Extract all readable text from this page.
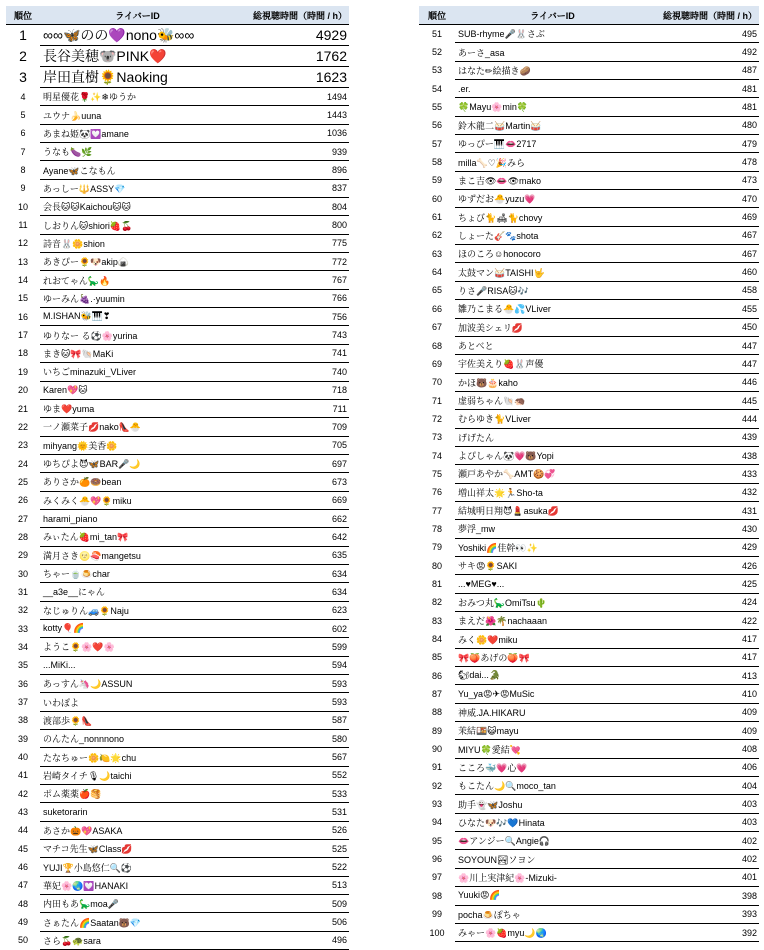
順位	ライバーID	総視聴時間（時間 / h）
1	∞∞🦋のの💜nono🐝∞∞	4929
2	長谷美穂🐨PINK❤️	1762
3	岸田直樹🌻Naoking	1623
4	明星優花🌹✨❄ゆうか	1494
5	ユウナ🍌uuna	1443
6	あまね姫🐼💟amane	1036
7	うなも🍆🌿	939
8	Ayane🦋こなもん	896
9	あっしー🔱ASSY💎	837
10	会長🐱🐱Kaichou🐱🐱	804
11	しおりん🐱shiori🍓🍒	800
12	詩音🐰🌼shion	775
13	あきぴー🌻🐶akip🍙	772
14	れおてゃん🦕🔥	767
15	ゆーみん🍇.·yuumin	766
16	M.ISHAN🐝🎹❣	756
17	ゆりなー る⚽🌸yurina	743
18	まき🐱🎀🐚MaKi	741
19	いちごminazuki_VLiver	740
20	Karen💖🐱	718
21	ゆま❤️yuma	711
22	一ノ瀬菜子💋nako👠🐣	709
23	mihyang🌞美香🌼	705
24	ゆちぴよ😈🦋BAR🎤🌙	697
25	ありさか🍊🍩bean	673
26	みくみく🐣💖🌻miku	669
27	harami_piano	662
28	みぃたん🍓mi_tan🎀	642
29	満月さき🌝🍣mangetsu	635
30	ちゃー🍵🍮char	634
31	__a3e__にゃん	634
32	なじゅりん🚙🌻Naju	623
33	kotty🎈🌈	602
34	ようこ🌻🌸❤️🌸	599
35	...MiKi...	594
36	あっすん🦄🌙ASSUN	593
37	いわぽよ	593
38	渡部歩🌻👠	587
39	のんたん_nonnnono	580
40	たなちゅー🌼🍋🌟chu	567
41	岩崎タイチ🎙🌙taichi	552
42	ポム薬薬🍎🥞	533
43	suketorarin	531
44	あさか🎃💖ASAKA	526
45	マチコ先生🦋Class💋	525
46	YUJI🏆小島悠仁🔍⚽	522
47	華妃🌸🌏💟HANAKI	513
48	内田もあ🦕moa🎤	509
49	さぁたん🌈Saatan🐻💎	506
50	さら🍒🐢sara	496
順位	ライバーID	総視聴時間（時間 / h）
51	SUB-rhyme🎤🐰さぶ	495
52	あーさ_asa	492
53	はなた✏絵描き🥔	487
54	.er.	481
55	🍀Mayu🌸min🍀	481
56	鈴木龍二🥁Martin🥁	480
57	ゆっぴー🎹👄2717	479
58	milla🦴♡🎉みら	478
59	まこ吉👁👄👁mako	473
60	ゆずだお🐣yuzu💗	470
61	ちょび🐈🛋🐈chovy	469
62	しょーた🎸🐾shota	467
63	ほのころ☺honocoro	467
64	太鼓マン🥁TAISHI🤟	460
65	りさ🎤RISA🐱🎶	458
66	雛乃こまる🐣💦VLiver	455
67	加波美シェリ💋	450
68	あとべと	447
69	宇佐美えり🍓🐰声優	447
70	かほ🐻🎂kaho	446
71	虚弱ちゃん🐚🦔	445
72	むらゆき🐈VLiver	444
73	げげたん	439
74	よぴしゃん🐼💗🐻Yopi	438
75	瀬戸あやか🦴AMT🍪💞	433
76	増山祥太🌟🏃Sho-ta	432
77	結城明日翔😈💄asuka💋	431
78	夢浮_mw	430
79	Yoshiki🌈佳幹👀✨	429
80	サキ😡🌻SAKI	426
81	...♥MEG♥...	425
82	おみつ丸🦕OmiTsu🌵	424
83	まえだ🌺🌴nachaaan	422
84	みく🌼❤️miku	417
85	🎀🍑あげの🍑🎀	417
86	🐿dai...🐊	413
87	Yu_ya😡✈😡MuSic	410
88	神威.JA.HIKARU	409
89	茉結🍱😺mayu	409
90	MIYU🍀愛結💘	408
91	こころ🐳💗心💗	406
92	もこたん🌙🔍moco_tan	404
93	助手👻🦋Joshu	403
94	ひなた🐶🎶💙Hinata	403
95	👄アンジー🔍Angie🎧	402
96	SOYOUN🏞ソヨン	402
97	🌸川上実津紀🌸-Mizuki-	401
98	Yuuki😡🌈	398
99	pocha🍮ぽちゃ	393
100	みゃー🌸🍓myu🌙🌏	392
